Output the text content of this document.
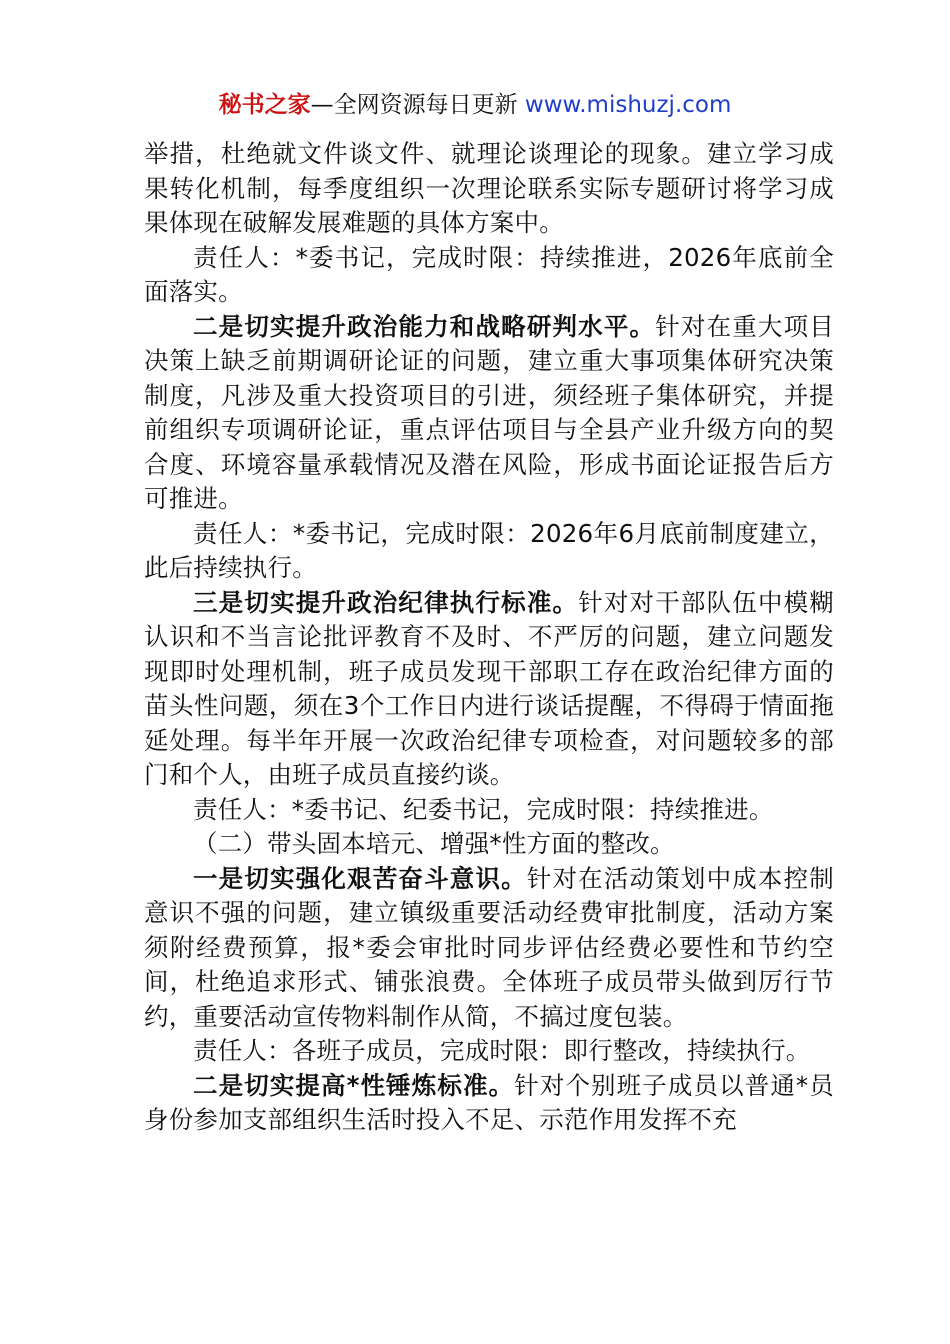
秘书之家—全网资源每日更新 www.mishuzj.com

举措，杜绝就文件谈文件、就理论谈理论的现象。建立学习成果转化机制，每季度组织一次理论联系实际专题研讨将学习成果体现在破解发展难题的具体方案中。

责任人：*委书记，完成时限：持续推进，2026年底前全面落实。

二是切实提升政治能力和战略研判水平。针对在重大项目决策上缺乏前期调研论证的问题，建立重大事项集体研究决策制度，凡涉及重大投资项目的引进，须经班子集体研究，并提前组织专项调研论证，重点评估项目与全县产业升级方向的契合度、环境容量承载情况及潜在风险，形成书面论证报告后方可推进。

责任人：*委书记，完成时限：2026年6月底前制度建立，此后持续执行。

三是切实提升政治纪律执行标准。针对对干部队伍中模糊认识和不当言论批评教育不及时、不严厉的问题，建立问题发现即时处理机制，班子成员发现干部职工存在政治纪律方面的苗头性问题，须在3个工作日内进行谈话提醒，不得碍于情面拖延处理。每半年开展一次政治纪律专项检查，对问题较多的部门和个人，由班子成员直接约谈。

责任人：*委书记、纪委书记，完成时限：持续推进。

（二）带头固本培元、增强*性方面的整改。

一是切实强化艰苦奋斗意识。针对在活动策划中成本控制意识不强的问题，建立镇级重要活动经费审批制度，活动方案须附经费预算，报*委会审批时同步评估经费必要性和节约空间，杜绝追求形式、铺张浪费。全体班子成员带头做到厉行节约，重要活动宣传物料制作从简，不搞过度包装。

责任人：各班子成员，完成时限：即行整改，持续执行。

二是切实提高*性锤炼标准。针对个别班子成员以普通*员身份参加支部组织生活时投入不足、示范作用发挥不充
